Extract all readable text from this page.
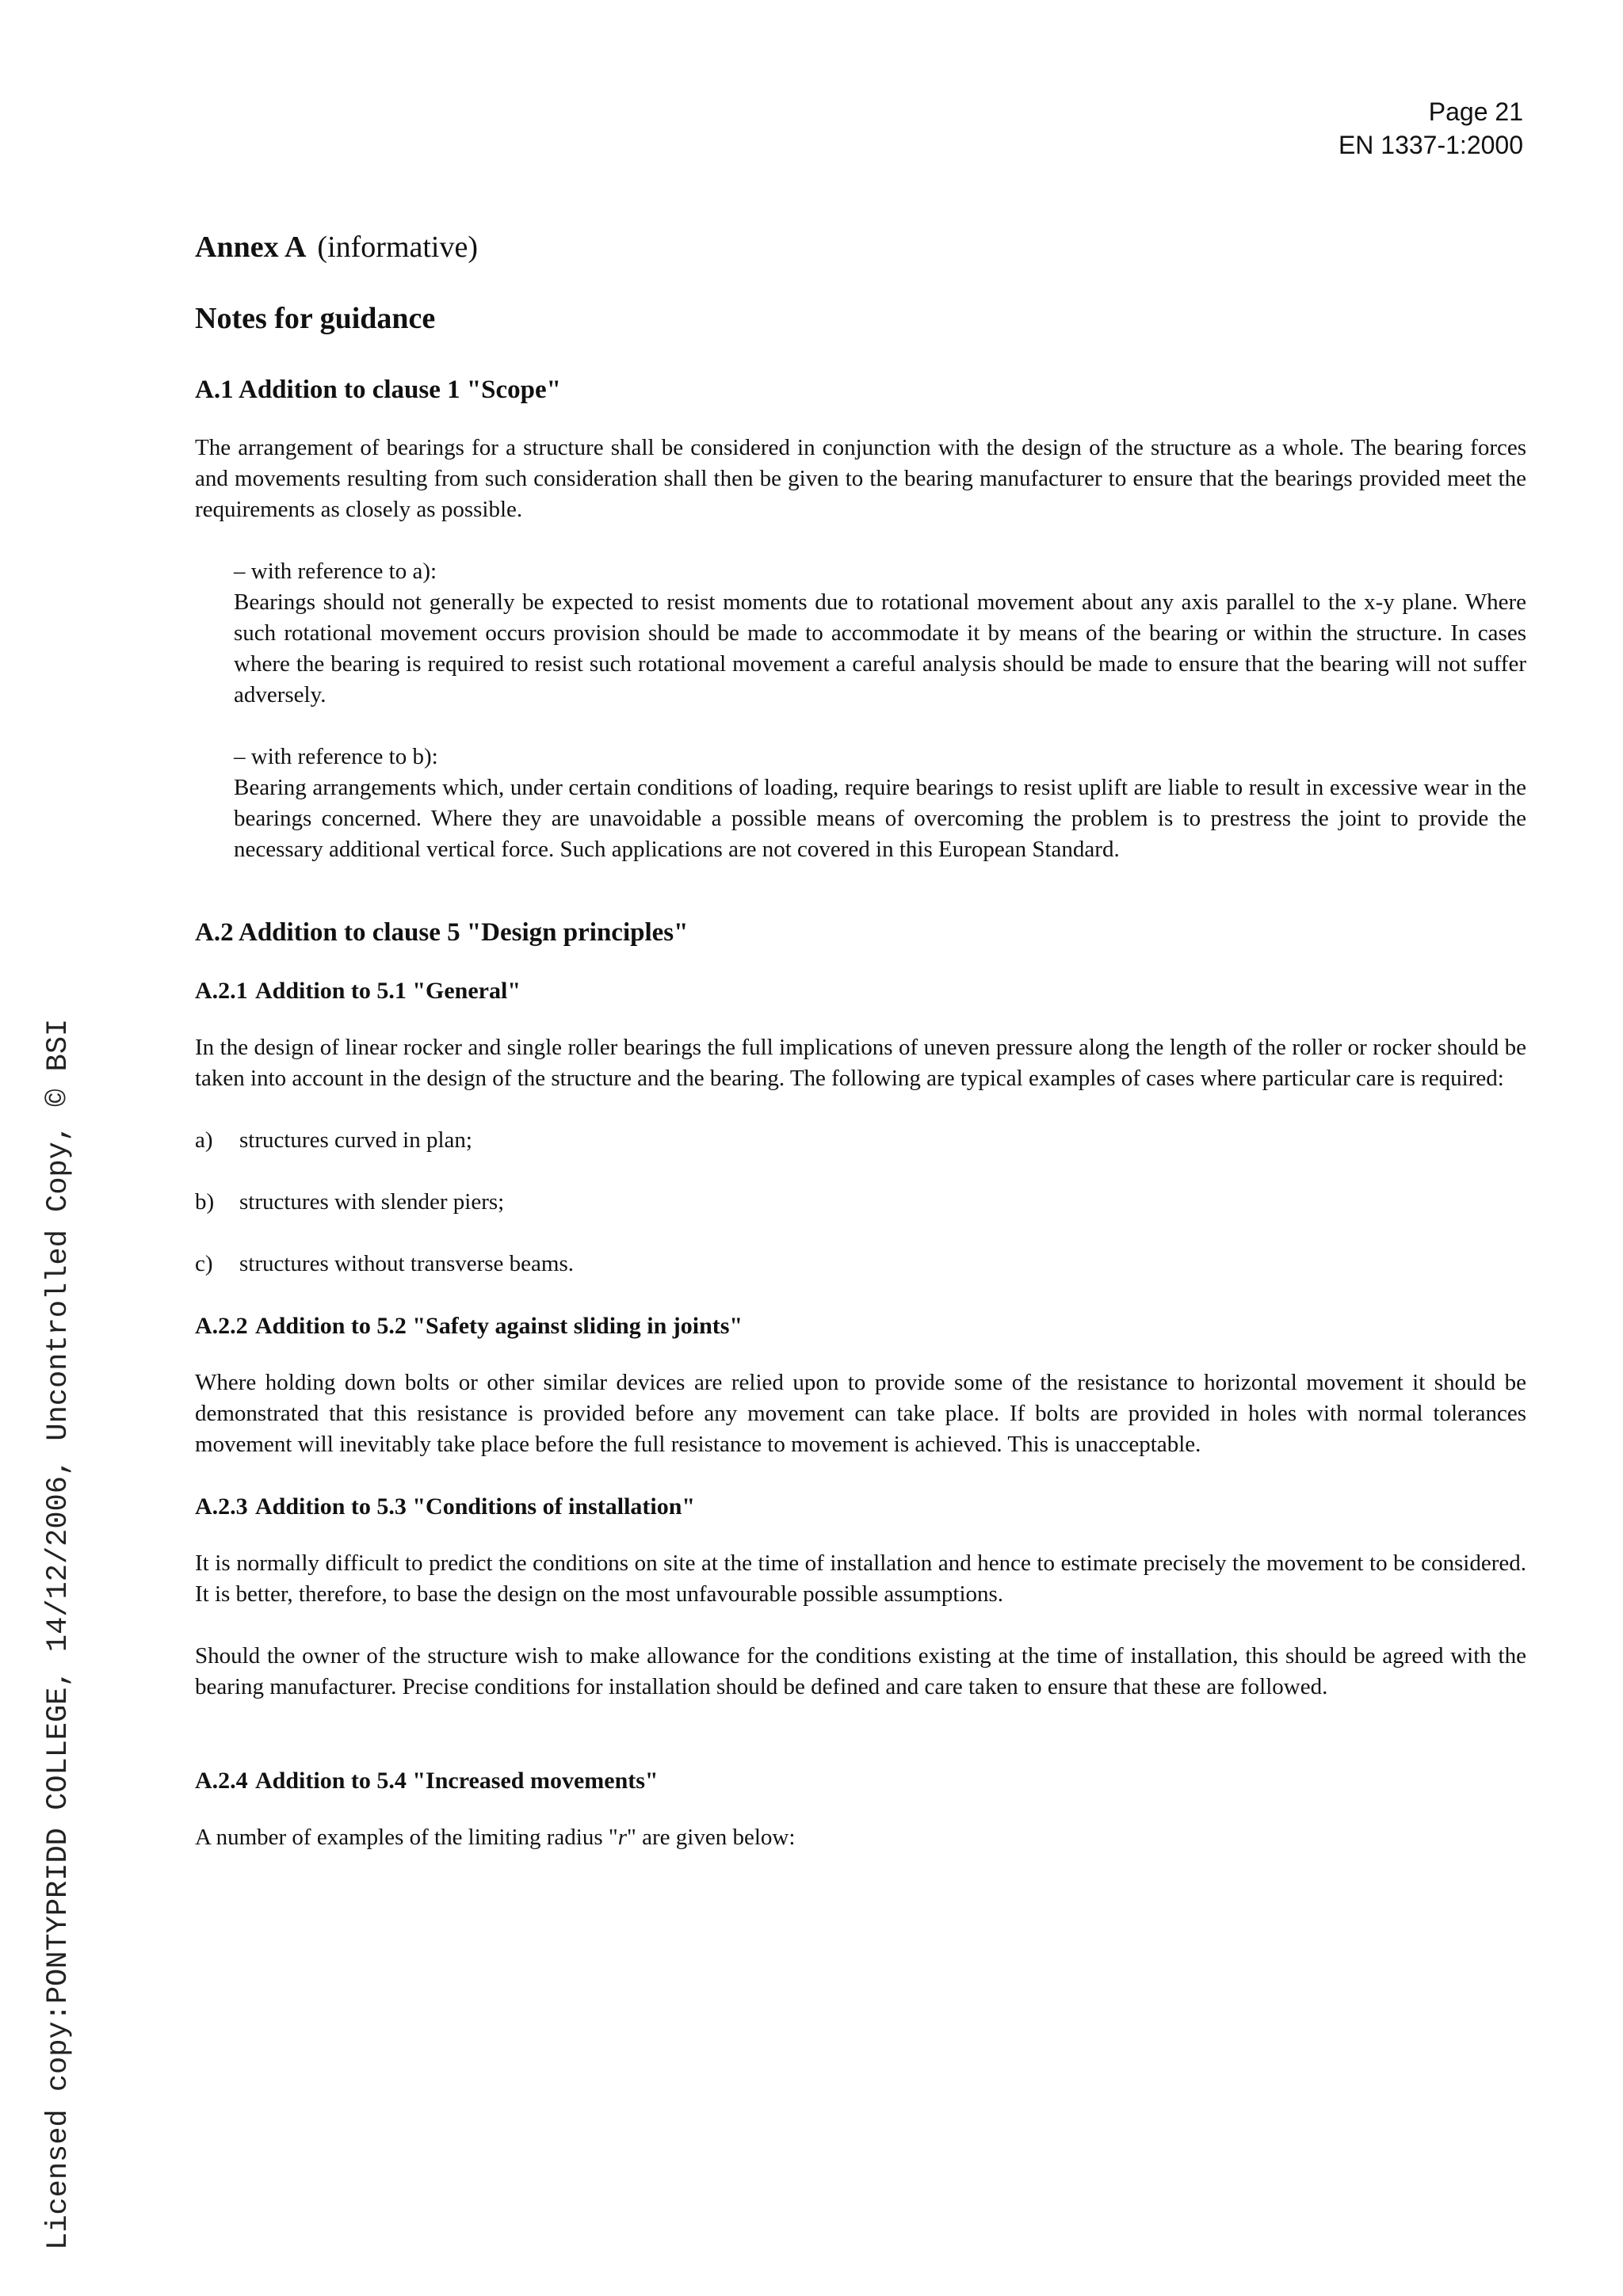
Page 21
EN 1337-1:2000
Annex A (informative)
Notes for guidance
A.1 Addition to clause 1 "Scope"

The arrangement of bearings for a structure shall be considered in conjunction with the design of the structure as a whole. The bearing forces and movements resulting from such consideration shall then be given to the bearing manufacturer to ensure that the bearings provided meet the requirements as closely as possible.

– with reference to a):
Bearings should not generally be expected to resist moments due to rotational movement about any axis parallel to the x-y plane. Where such rotational movement occurs provision should be made to accommodate it by means of the bearing or within the structure. In cases where the bearing is required to resist such rotational movement a careful analysis should be made to ensure that the bearing will not suffer adversely.
– with reference to b):
Bearing arrangements which, under certain conditions of loading, require bearings to resist uplift are liable to result in excessive wear in the bearings concerned. Where they are unavoidable a possible means of overcoming the problem is to prestress the joint to provide the necessary additional vertical force. Such applications are not covered in this European Standard.
A.2 Addition to clause 5 "Design principles"
A.2.1 Addition to 5.1 "General"

In the design of linear rocker and single roller bearings the full implications of uneven pressure along the length of the roller or rocker should be taken into account in the design of the structure and the bearing. The following are typical examples of cases where particular care is required:

a) structures curved in plan;
b) structures with slender piers;
c) structures without transverse beams.
A.2.2 Addition to 5.2 "Safety against sliding in joints"

Where holding down bolts or other similar devices are relied upon to provide some of the resistance to horizontal movement it should be demonstrated that this resistance is provided before any movement can take place. If bolts are provided in holes with normal tolerances movement will inevitably take place before the full resistance to movement is achieved. This is unacceptable.

A.2.3 Addition to 5.3 "Conditions of installation"

It is normally difficult to predict the conditions on site at the time of installation and hence to estimate precisely the movement to be considered. It is better, therefore, to base the design on the most unfavourable possible assumptions.

Should the owner of the structure wish to make allowance for the conditions existing at the time of installation, this should be agreed with the bearing manufacturer. Precise conditions for installation should be defined and care taken to ensure that these are followed.

A.2.4 Addition to 5.4 "Increased movements"

A number of examples of the limiting radius "r" are given below:

Licensed copy:PONTYPRIDD COLLEGE, 14/12/2006, Uncontrolled Copy, © BSI
